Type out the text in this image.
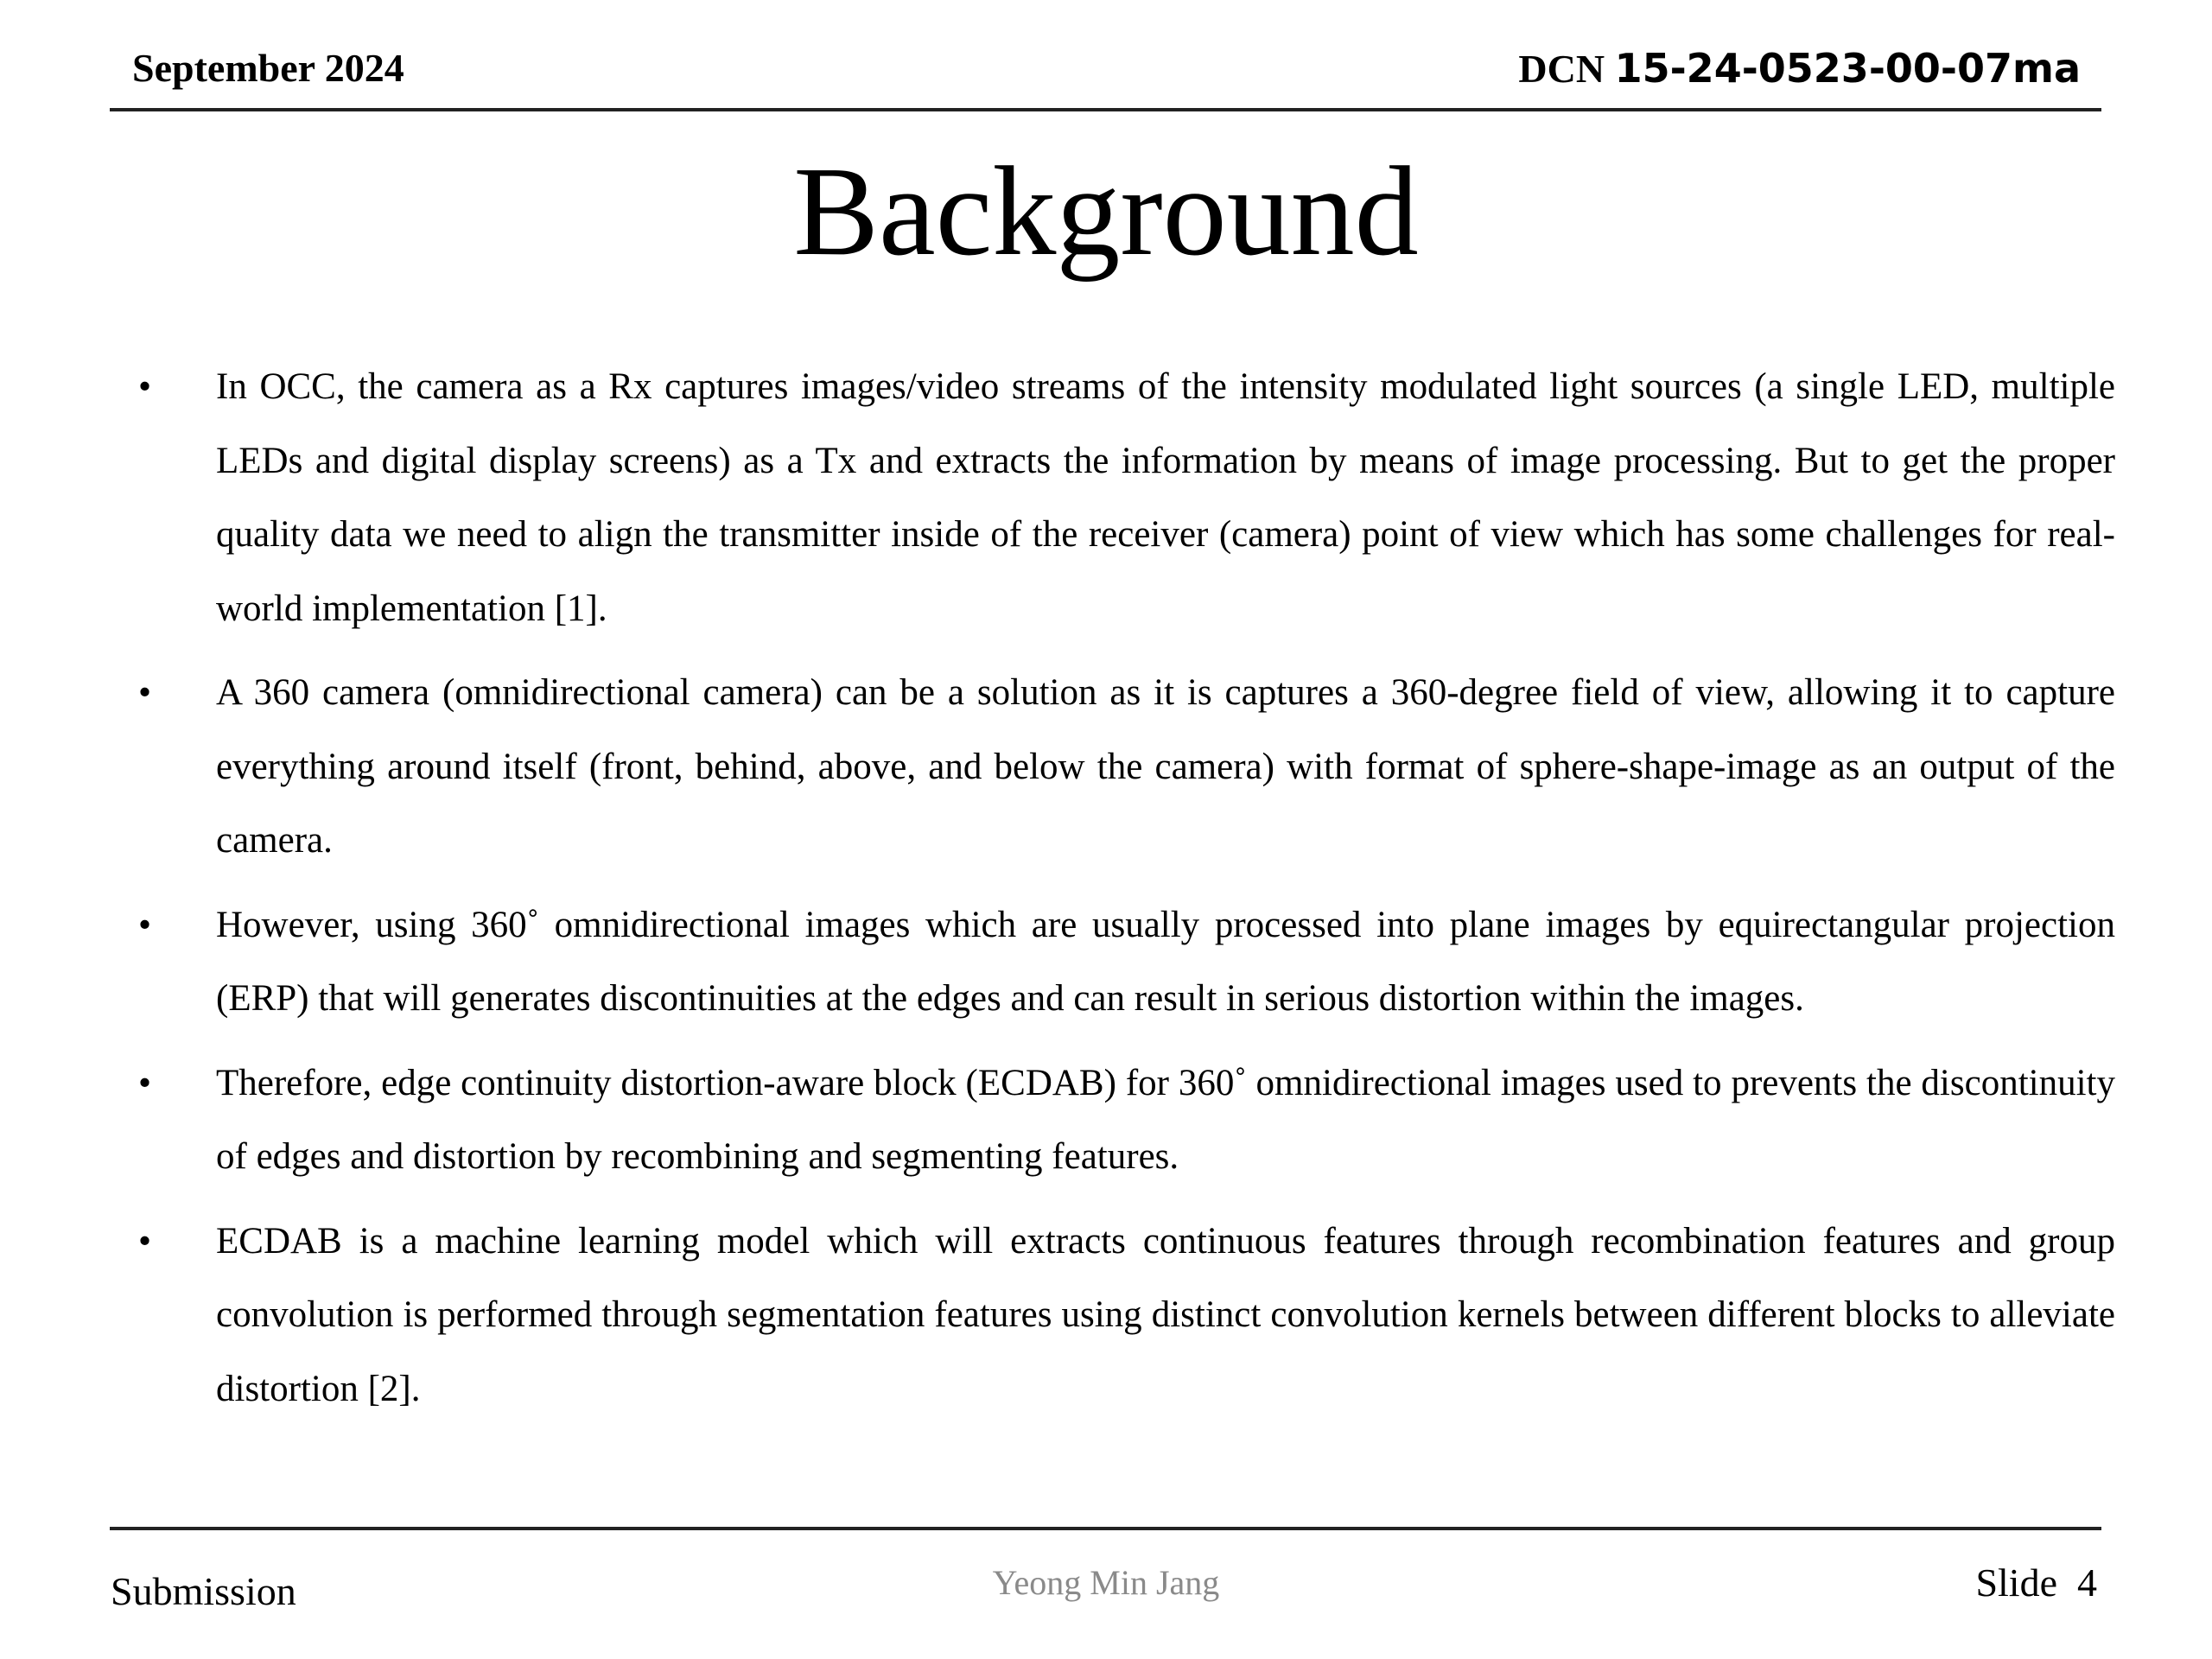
September 2024	DCN 15-24-0523-00-07ma
Background
• In OCC, the camera as a Rx captures images/video streams of the intensity modulated light sources (a single LED, multiple LEDs and digital display screens) as a Tx and extracts the information by means of image processing. But to get the proper quality data we need to align the transmitter inside of the receiver (camera) point of view which has some challenges for real-world implementation [1].
• A 360 camera (omnidirectional camera) can be a solution as it is captures a 360-degree field of view, allowing it to capture everything around itself (front, behind, above, and below the camera) with format of sphere-shape-image as an output of the camera.
• However, using 360˚ omnidirectional images which are usually processed into plane images by equirectangular projection (ERP) that will generates discontinuities at the edges and can result in serious distortion within the images.
• Therefore, edge continuity distortion-aware block (ECDAB) for 360˚ omnidirectional images used to prevents the discontinuity of edges and distortion by recombining and segmenting features.
• ECDAB is a machine learning model which will extracts continuous features through recombination features and group convolution is performed through segmentation features using distinct convolution kernels between different blocks to alleviate distortion [2].
Submission	Yeong Min Jang	Slide 4
